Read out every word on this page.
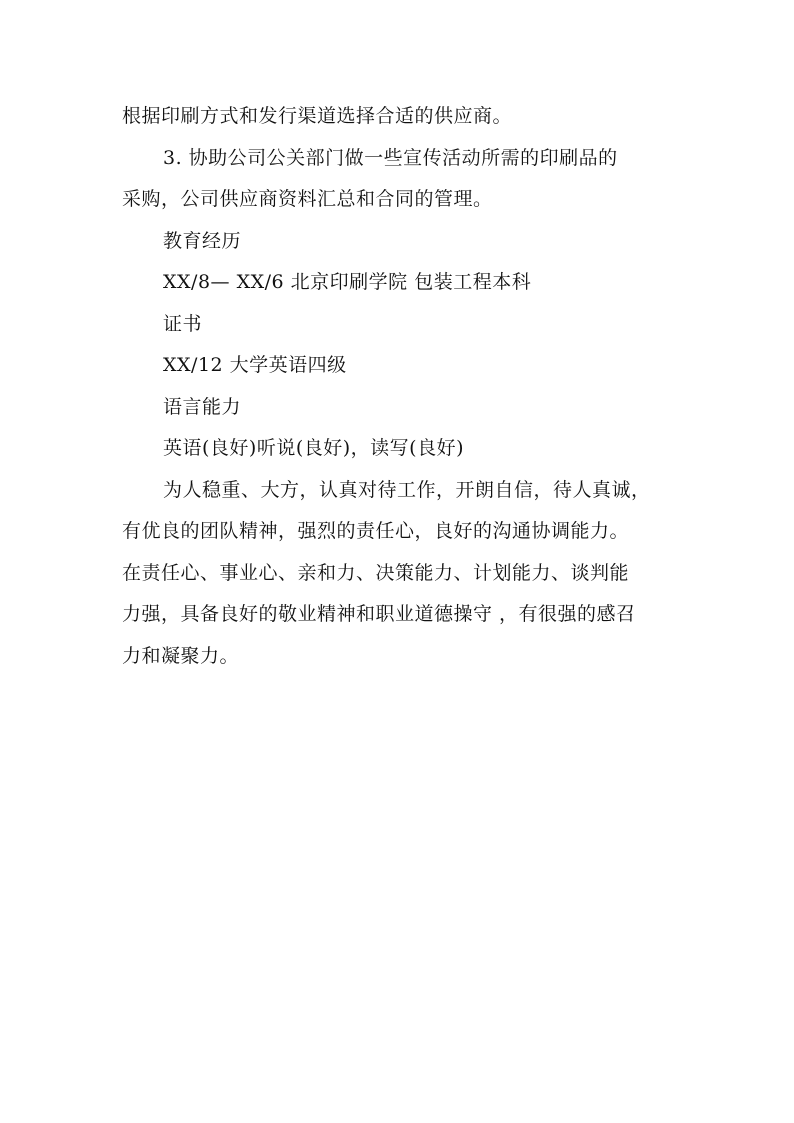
根据印刷方式和发行渠道选择合适的供应商。
3. 协助公司公关部门做一些宣传活动所需的印刷品的
采购，公司供应商资料汇总和合同的管理。
教育经历
XX/8— XX/6 北京印刷学院 包装工程本科
证书
XX/12 大学英语四级
语言能力
英语(良好)听说(良好)，读写(良好)
为人稳重、大方，认真对待工作，开朗自信，待人真诚，
有优良的团队精神，强烈的责任心，良好的沟通协调能力。
在责任心、事业心、亲和力、决策能力、计划能力、谈判能
力强，具备良好的敬业精神和职业道德操守 ，有很强的感召
力和凝聚力。
